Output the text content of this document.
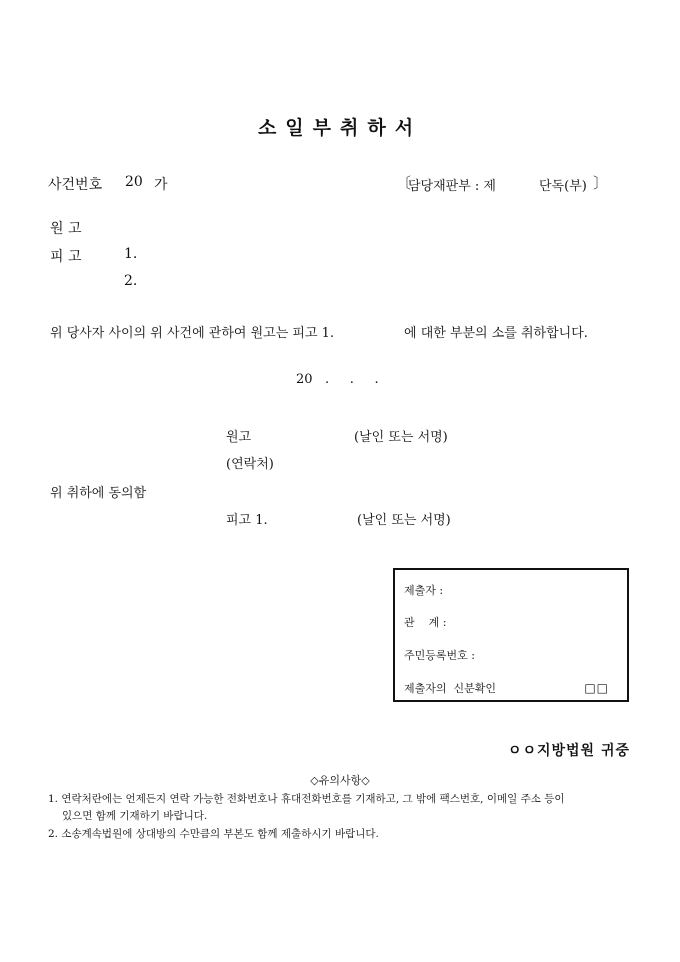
소일부취하서
사건번호 20 가	〔
담당재판부 : 제	단독(부) 〕
원 고
피 고	1.
2.
위 당사자 사이의 위 사건에 관하여 원고는 피고 1.	에 대한 부분의 소를 취하합니다.
20   .     .     .
원고	(날인 또는 서명)
(연락처)
위 취하에 동의함
피고 1.	(날인 또는 서명)
제출자 :
관    계 :
주민등록번호 :
제출자의  신분확인	□□
ㅇㅇ지방법원 귀중
◇유의사항◇
1. 연락처란에는 언제든지 연락 가능한 전화번호나 휴대전화번호를 기재하고, 그 밖에 팩스번호, 이메일 주소 등이
있으면 함께 기재하기 바랍니다.
2. 소송계속법원에 상대방의 수만큼의 부본도 함께 제출하시기 바랍니다.
